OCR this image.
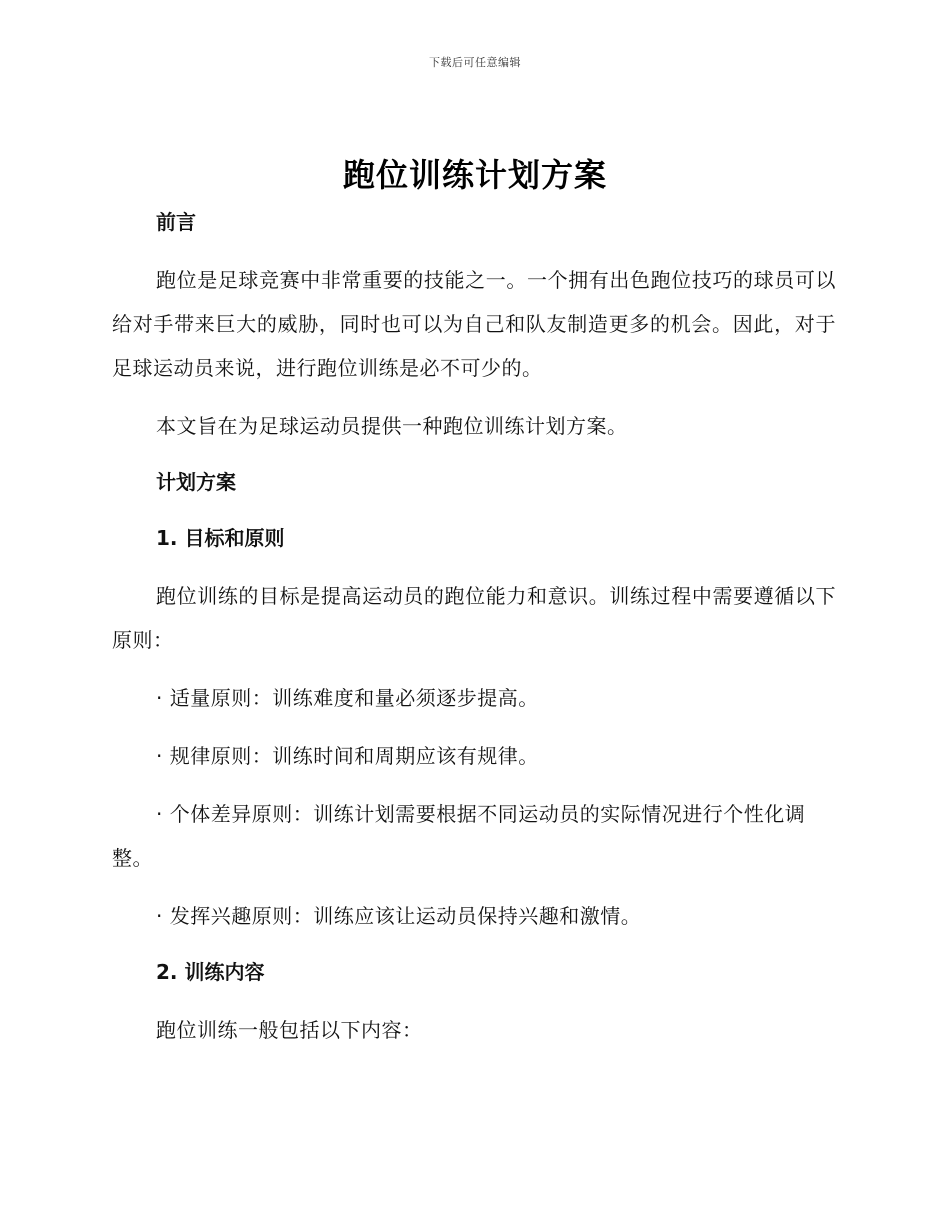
下载后可任意编辑
跑位训练计划方案

前言

跑位是足球竞赛中非常重要的技能之一。一个拥有出色跑位技巧的球员可以给对手带来巨大的威胁，同时也可以为自己和队友制造更多的机会。因此，对于足球运动员来说，进行跑位训练是必不可少的。

本文旨在为足球运动员提供一种跑位训练计划方案。

计划方案

1. 目标和原则

跑位训练的目标是提高运动员的跑位能力和意识。训练过程中需要遵循以下原则：

· 适量原则：训练难度和量必须逐步提高。

· 规律原则：训练时间和周期应该有规律。

· 个体差异原则：训练计划需要根据不同运动员的实际情况进行个性化调整。

· 发挥兴趣原则：训练应该让运动员保持兴趣和激情。

2. 训练内容

跑位训练一般包括以下内容：
